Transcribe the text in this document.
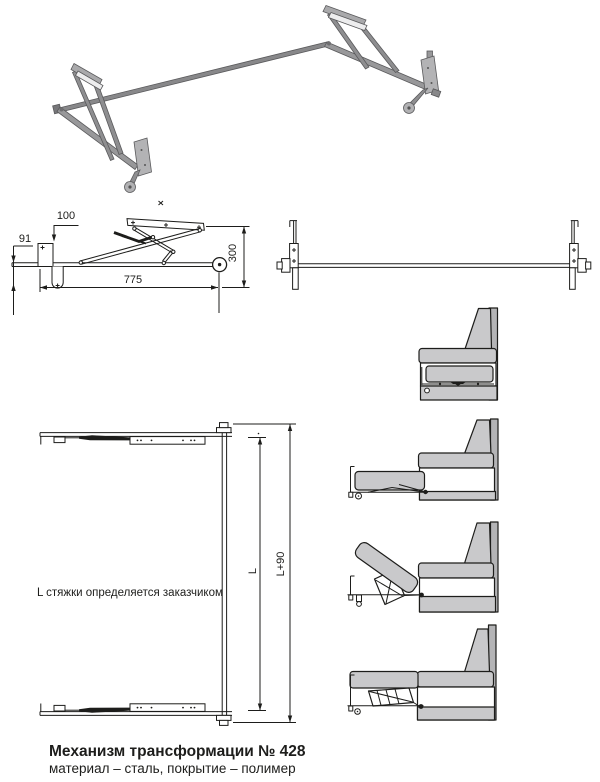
100
91
775
300
L L+90
L стяжки определяется заказчиком
Механизм трансформации № 428
материал – сталь, покрытие – полимер
